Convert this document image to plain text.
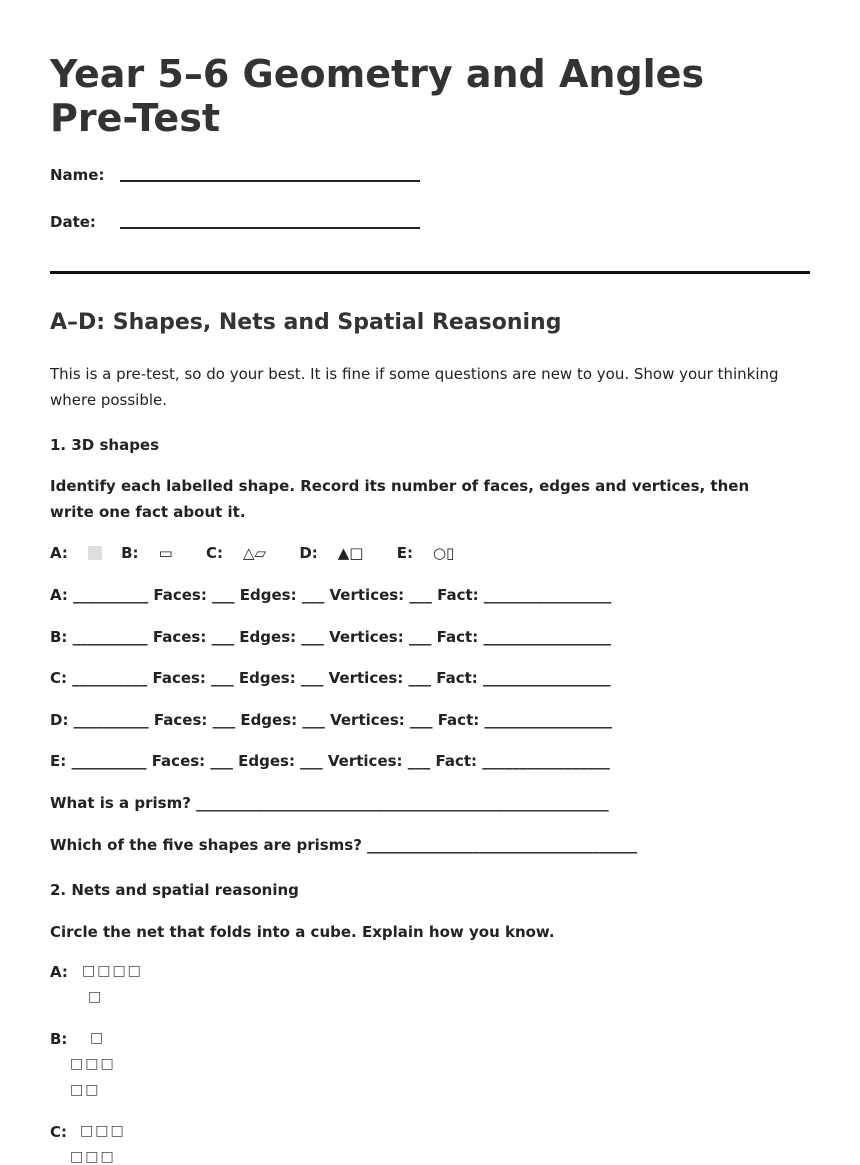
Year 5–6 Geometry and Angles Pre-Test
Name:
Date:
A–D: Shapes, Nets and Spatial Reasoning
This is a pre-test, so do your best. It is fine if some questions are new to you. Show your thinking where possible.
1. 3D shapes
Identify each labelled shape. Record its number of faces, edges and vertices, then write one fact about it.
A:	B: ▭ C: △▱ D: ▲□ E: ○▯
A: __________ Faces: ___ Edges: ___ Vertices: ___ Fact: _________________
B: __________ Faces: ___ Edges: ___ Vertices: ___ Fact: _________________
C: __________ Faces: ___ Edges: ___ Vertices: ___ Fact: _________________
D: __________ Faces: ___ Edges: ___ Vertices: ___ Fact: _________________
E: __________ Faces: ___ Edges: ___ Vertices: ___ Fact: _________________
What is a prism? _______________________________________________________
Which of the five shapes are prisms? ____________________________________
2. Nets and spatial reasoning
Circle the net that folds into a cube. Explain how you know.
A: □□□□
□
B: □
□□□
□□
C: □□□
□□□
